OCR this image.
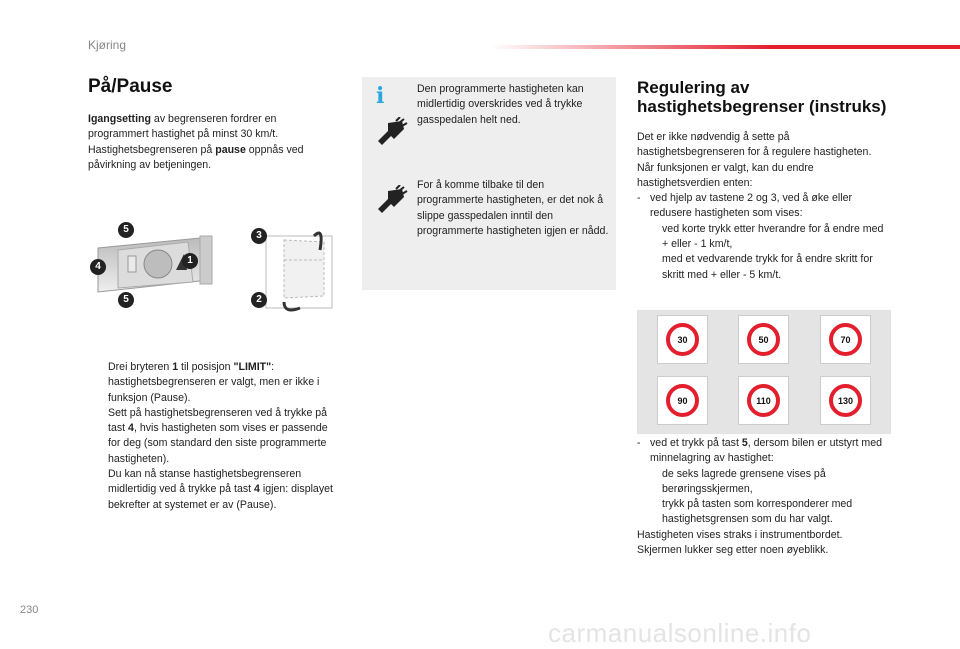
Kjøring
På/Pause

Igangsetting av begrenseren fordrer en programmert hastighet på minst 30 km/t. Hastighetsbegrenseren på pause oppnås ved påvirkning av betjeningen.

5
4
5
1
3
2
Drei bryteren 1 til posisjon "LIMIT": hastighetsbegrenseren er valgt, men er ikke i funksjon (Pause).
Sett på hastighetsbegrenseren ved å trykke på tast 4, hvis hastigheten som vises er passende for deg (som standard den siste programmerte hastigheten).
Du kan nå stanse hastighetsbegrenseren midlertidig ved å trykke på tast 4 igjen: displayet bekrefter at systemet er av (Pause).
i	Den programmerte hastigheten kan midlertidig overskrides ved å trykke gasspedalen helt ned.
For å komme tilbake til den programmerte hastigheten, er det nok å slippe gasspedalen inntil den programmerte hastigheten igjen er nådd.
Regulering av hastighetsbegrenser (instruks)

Det er ikke nødvendig å sette på hastighetsbegrenseren for å regulere hastigheten.

Når funksjonen er valgt, kan du endre hastighetsverdien enten:

- ved hjelp av tastene 2 og 3, ved å øke eller redusere hastigheten som vises:
ved korte trykk etter hverandre for å endre med + eller - 1 km/t,
med et vedvarende trykk for å endre skritt for skritt med + eller - 5 km/t.
30	50	70
90	110	130
- ved et trykk på tast 5, dersom bilen er utstyrt med minnelagring av hastighet:
de seks lagrede grensene vises på berøringsskjermen,
trykk på tasten som korresponderer med hastighetsgrensen som du har valgt.

Hastigheten vises straks i instrumentbordet.

Skjermen lukker seg etter noen øyeblikk.

230
carmanualsonline.info
